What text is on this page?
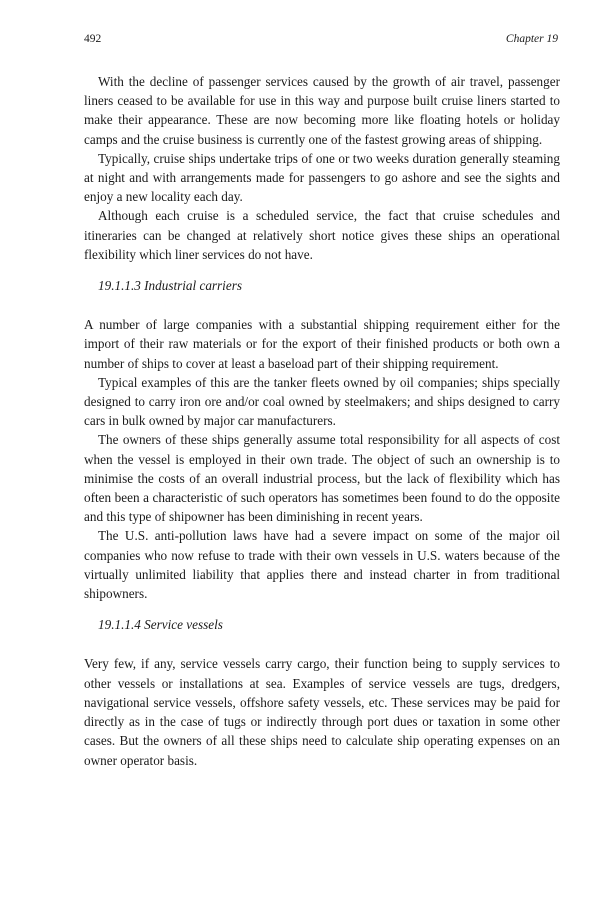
492	Chapter 19

With the decline of passenger services caused by the growth of air travel, passenger liners ceased to be available for use in this way and purpose built cruise liners started to make their appearance. These are now becoming more like floating hotels or holiday camps and the cruise business is currently one of the fastest growing areas of shipping.

Typically, cruise ships undertake trips of one or two weeks duration generally steaming at night and with arrangements made for passengers to go ashore and see the sights and enjoy a new locality each day.

Although each cruise is a scheduled service, the fact that cruise schedules and itineraries can be changed at relatively short notice gives these ships an operational flexibility which liner services do not have.

19.1.1.3 Industrial carriers

A number of large companies with a substantial shipping requirement either for the import of their raw materials or for the export of their finished products or both own a number of ships to cover at least a baseload part of their shipping requirement.

Typical examples of this are the tanker fleets owned by oil companies; ships specially designed to carry iron ore and/or coal owned by steelmakers; and ships designed to carry cars in bulk owned by major car manufacturers.

The owners of these ships generally assume total responsibility for all aspects of cost when the vessel is employed in their own trade. The object of such an ownership is to minimise the costs of an overall industrial process, but the lack of flexibility which has often been a characteristic of such operators has sometimes been found to do the opposite and this type of shipowner has been diminishing in recent years.

The U.S. anti-pollution laws have had a severe impact on some of the major oil companies who now refuse to trade with their own vessels in U.S. waters because of the virtually unlimited liability that applies there and instead charter in from traditional shipowners.

19.1.1.4 Service vessels

Very few, if any, service vessels carry cargo, their function being to supply services to other vessels or installations at sea. Examples of service vessels are tugs, dredgers, navigational service vessels, offshore safety vessels, etc. These services may be paid for directly as in the case of tugs or indirectly through port dues or taxation in some other cases. But the owners of all these ships need to calculate ship operating expenses on an owner operator basis.
